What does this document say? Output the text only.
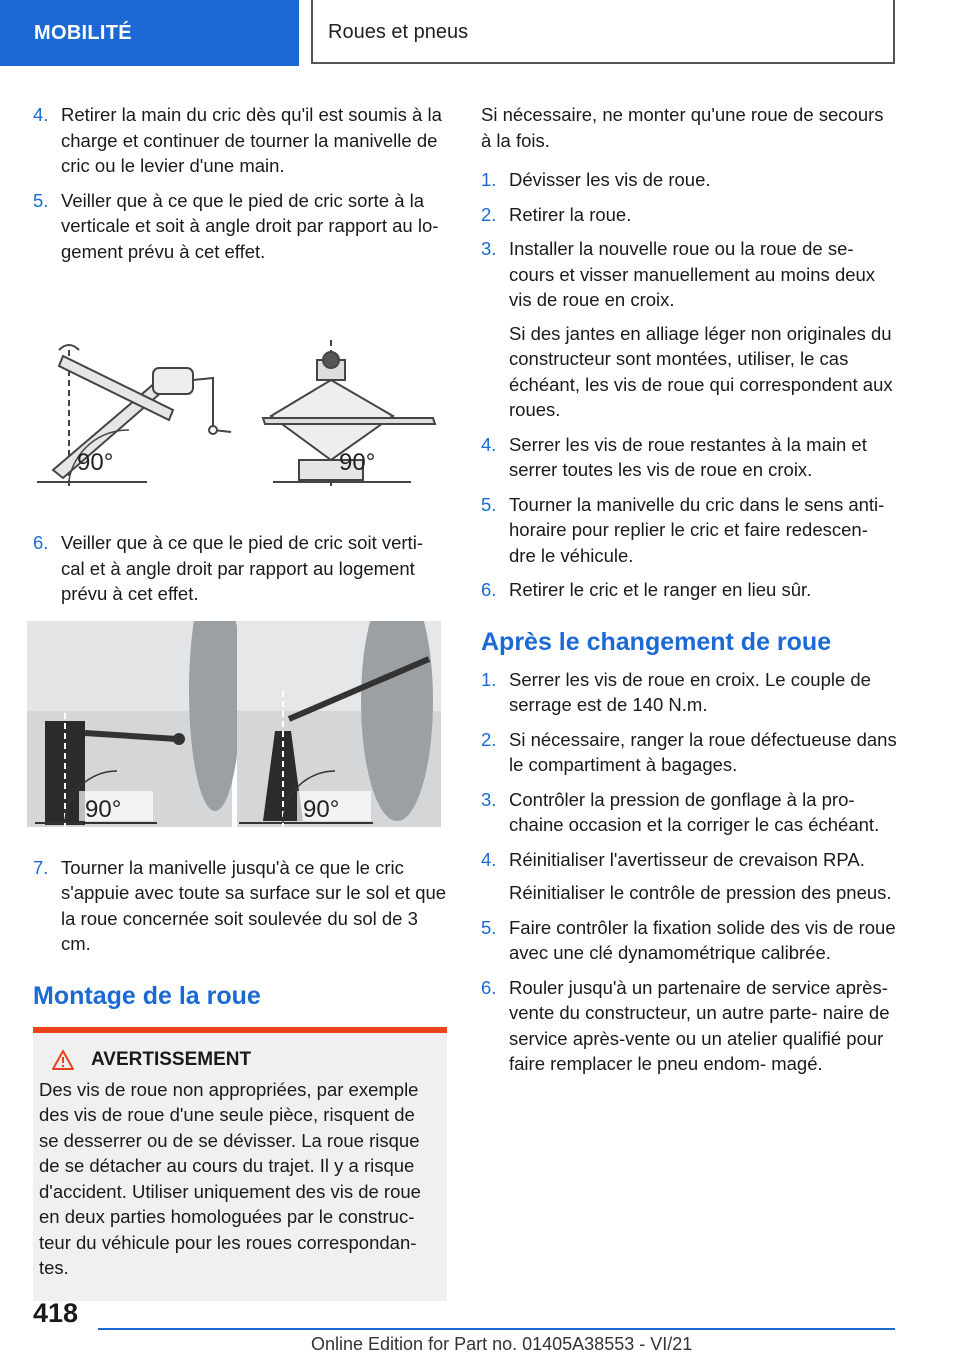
MOBILITÉ	Roues et pneus
4. Retirer la main du cric dès qu'il est soumis à la charge et continuer de tourner la manivelle de cric ou le levier d'une main.
5. Veiller que à ce que le pied de cric sorte à la verticale et soit à angle droit par rapport au lo- gement prévu à cet effet.
90°	90°
6. Veiller que à ce que le pied de cric soit verti- cal et à angle droit par rapport au logement prévu à cet effet.
90°	90°
7. Tourner la manivelle jusqu'à ce que le cric s'appuie avec toute sa surface sur le sol et que la roue concernée soit soulevée du sol de 3 cm.
Montage de la roue
AVERTISSEMENT
Des vis de roue non appropriées, par exemple des vis de roue d'une seule pièce, risquent de se desserrer ou de se dévisser. La roue risque de se détacher au cours du trajet. Il y a risque d'accident. Utiliser uniquement des vis de roue en deux parties homologuées par le construc- teur du véhicule pour les roues correspondan- tes.

Si nécessaire, ne monter qu'une roue de secours à la fois.

1. Dévisser les vis de roue.
2. Retirer la roue.
3. Installer la nouvelle roue ou la roue de se- cours et visser manuellement au moins deux vis de roue en croix.
Si des jantes en alliage léger non originales du constructeur sont montées, utiliser, le cas échéant, les vis de roue qui correspondent aux roues.
4. Serrer les vis de roue restantes à la main et serrer toutes les vis de roue en croix.
5. Tourner la manivelle du cric dans le sens anti- horaire pour replier le cric et faire redescen- dre le véhicule.
6. Retirer le cric et le ranger en lieu sûr.
Après le changement de roue
1. Serrer les vis de roue en croix. Le couple de serrage est de 140 N.m.
2. Si nécessaire, ranger la roue défectueuse dans le compartiment à bagages.
3. Contrôler la pression de gonflage à la pro- chaine occasion et la corriger le cas échéant.
4. Réinitialiser l'avertisseur de crevaison RPA.
Réinitialiser le contrôle de pression des pneus.
5. Faire contrôler la fixation solide des vis de roue avec une clé dynamométrique calibrée.
6. Rouler jusqu'à un partenaire de service après-vente du constructeur, un autre parte- naire de service après-vente ou un atelier qualifié pour faire remplacer le pneu endom- magé.
418
Online Edition for Part no. 01405A38553 - VI/21
